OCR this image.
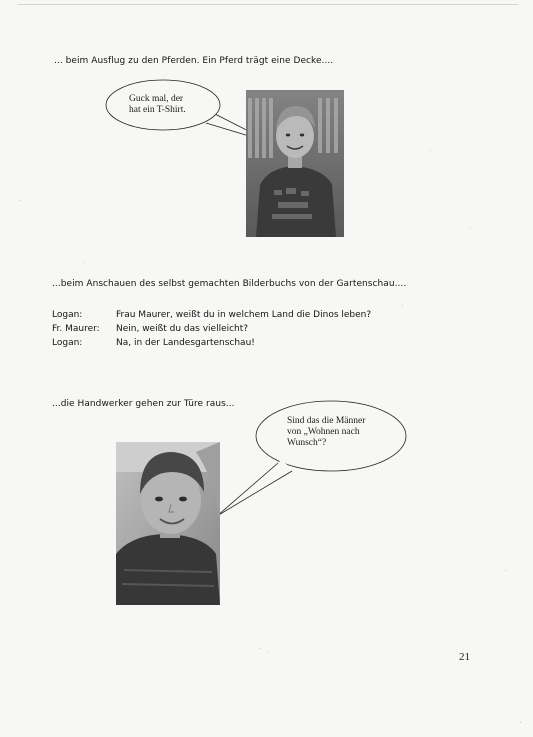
... beim Ausflug zu den Pferden. Ein Pferd trägt eine Decke....
Guck mal, der
hat ein T-Shirt.
...beim Anschauen des selbst gemachten Bilderbuchs von der Gartenschau....
Logan:	Frau Maurer, weißt du in welchem Land die Dinos leben?
Fr. Maurer: Nein, weißt du das vielleicht?
Logan:	Na, in der Landesgartenschau!
...die Handwerker gehen zur Türe raus...
Sind das die Männer
von „Wohnen nach
Wunsch“?
21
